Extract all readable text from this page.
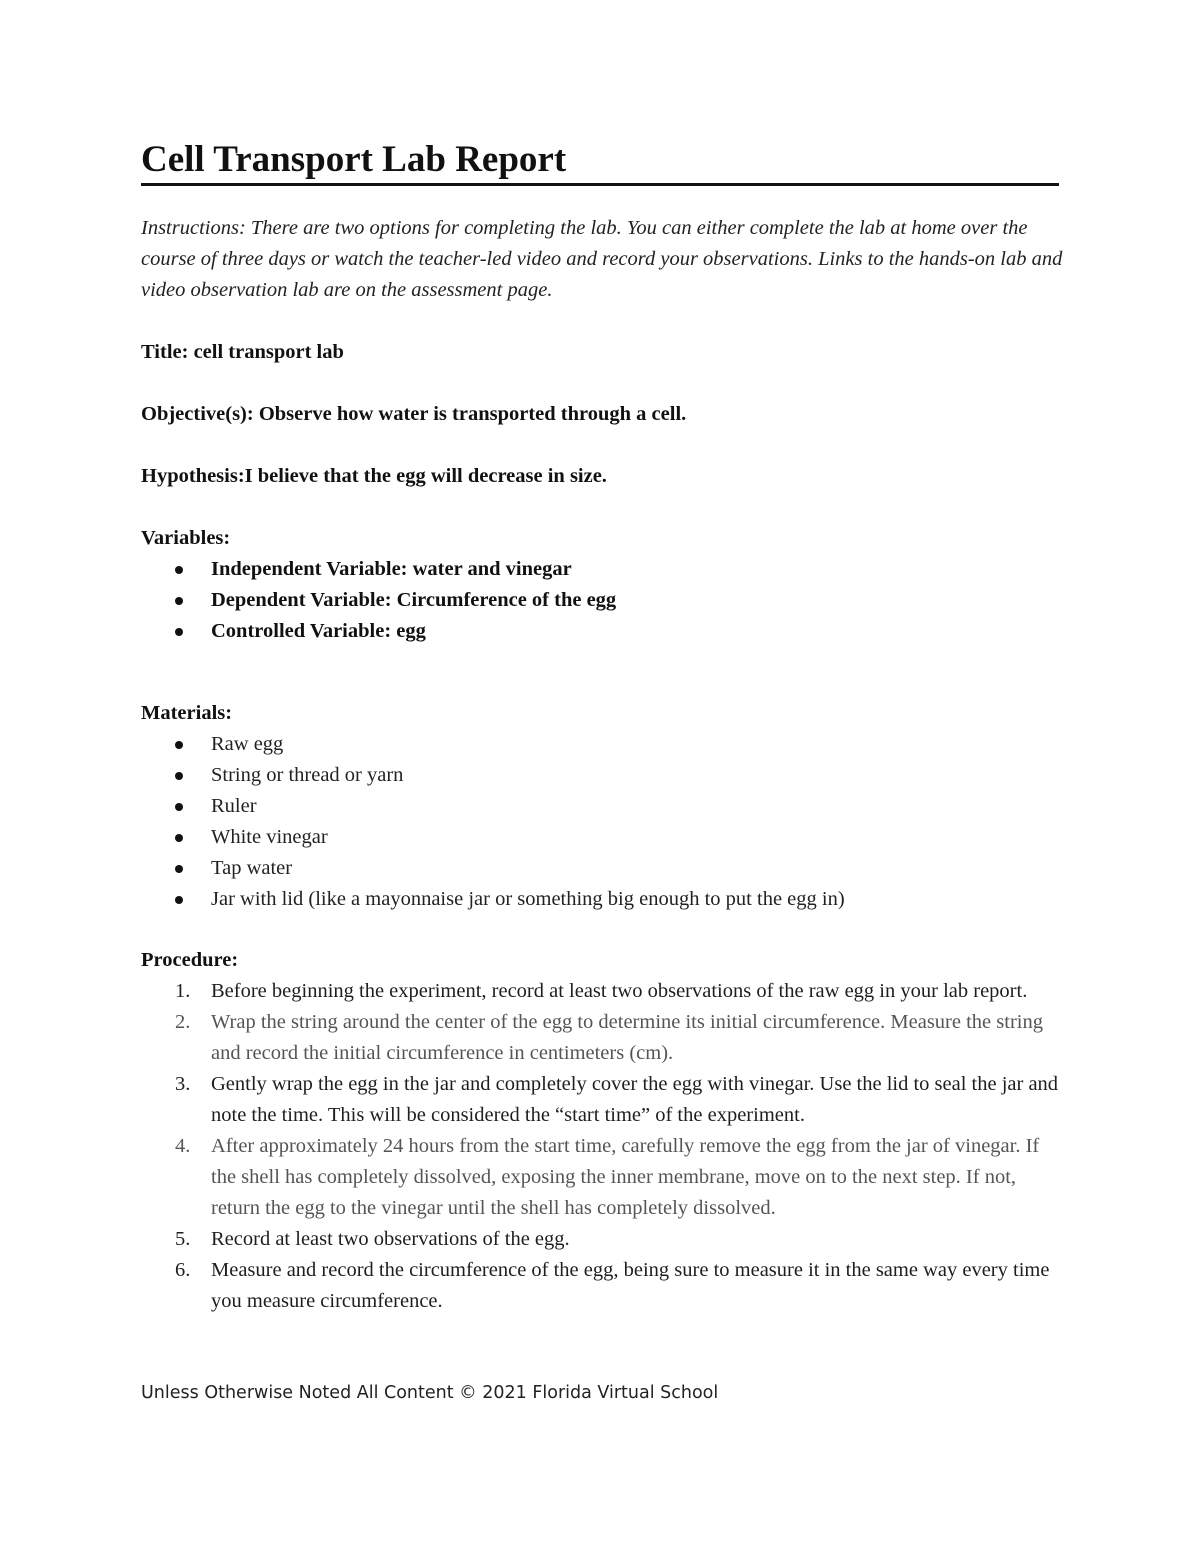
Cell Transport Lab Report
Instructions: There are two options for completing the lab. You can either complete the lab at home over the course of three days or watch the teacher-led video and record your observations. Links to the hands-on lab and video observation lab are on the assessment page.
Title: cell transport lab
Objective(s): Observe how water is transported through a cell.
Hypothesis:I believe that the egg will decrease in size.
Variables:
Independent Variable: water and vinegar
Dependent Variable: Circumference of the egg
Controlled Variable: egg
Materials:
Raw egg
String or thread or yarn
Ruler
White vinegar
Tap water
Jar with lid (like a mayonnaise jar or something big enough to put the egg in)
Procedure:
1. Before beginning the experiment, record at least two observations of the raw egg in your lab report.
2. Wrap the string around the center of the egg to determine its initial circumference. Measure the string and record the initial circumference in centimeters (cm).
3. Gently wrap the egg in the jar and completely cover the egg with vinegar. Use the lid to seal the jar and note the time. This will be considered the “start time” of the experiment.
4. After approximately 24 hours from the start time, carefully remove the egg from the jar of vinegar. If the shell has completely dissolved, exposing the inner membrane, move on to the next step. If not, return the egg to the vinegar until the shell has completely dissolved.
5. Record at least two observations of the egg.
6. Measure and record the circumference of the egg, being sure to measure it in the same way every time you measure circumference.
Unless Otherwise Noted All Content © 2021 Florida Virtual School
